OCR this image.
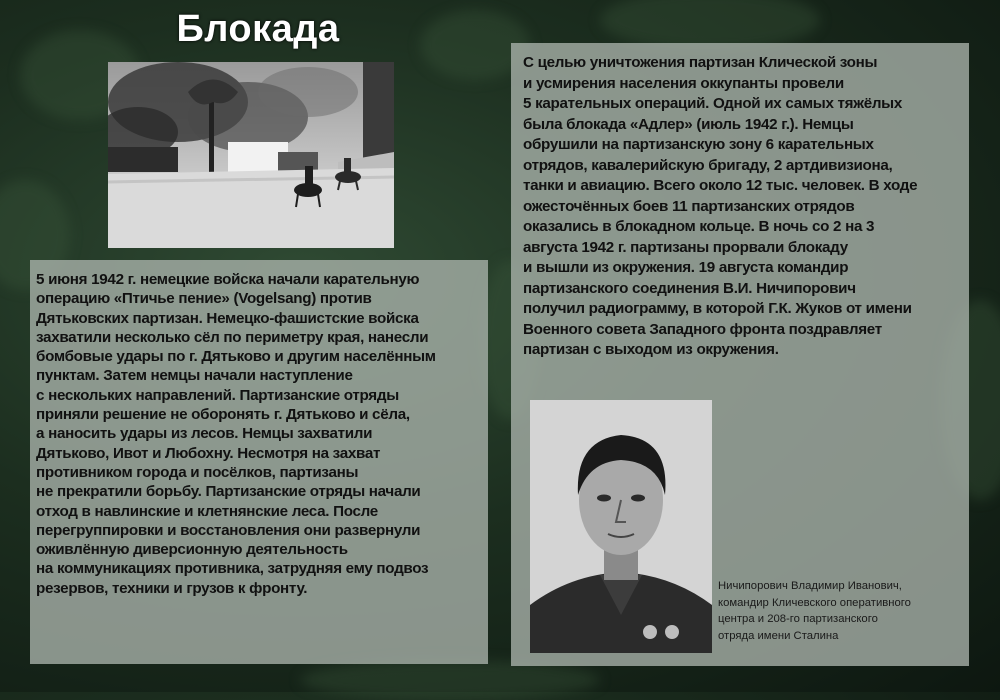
Блокада

5 июня 1942 г. немецкие войска начали карательную

операцию «Птичье пение» (Vogelsang) против

Дятьковских партизан. Немецко-фашистские войска

захватили несколько сёл по периметру края, нанесли

бомбовые удары по г. Дятьково и другим населённым

пунктам. Затем немцы начали наступление

с нескольких направлений. Партизанские отряды

приняли решение не оборонять г. Дятьково и сёла,

а наносить удары из лесов. Немцы захватили

Дятьково, Ивот и Любохну. Несмотря на захват

противником города и посёлков, партизаны

не прекратили борьбу. Партизанские отряды начали

отход в навлинские и клетнянские леса. После

перегруппировки и восстановления они развернули

оживлённую диверсионную деятельность

на коммуникациях противника, затрудняя ему подвоз

резервов, техники и грузов к фронту.

С целью уничтожения партизан Клической зоны

и усмирения населения оккупанты провели

5 карательных операций. Одной их самых тяжёлых

была блокада «Адлер» (июль 1942 г.). Немцы

обрушили на партизанскую зону 6 карательных

отрядов, кавалерийскую бригаду, 2 артдивизиона,

танки и авиацию. Всего около 12 тыс. человек. В ходе

ожесточённых боев 11 партизанских отрядов

оказались в блокадном кольце. В ночь со 2 на 3

августа 1942 г. партизаны прорвали блокаду

и вышли из окружения. 19 августа командир

партизанского соединения В.И. Ничипорович

получил радиограмму, в которой Г.К. Жуков от имени

Военного совета Западного фронта поздравляет

партизан с выходом из окружения.

Ничипорович Владимир Иванович,

командир Кличевского оперативного

центра и 208-го партизанского

отряда имени Сталина
